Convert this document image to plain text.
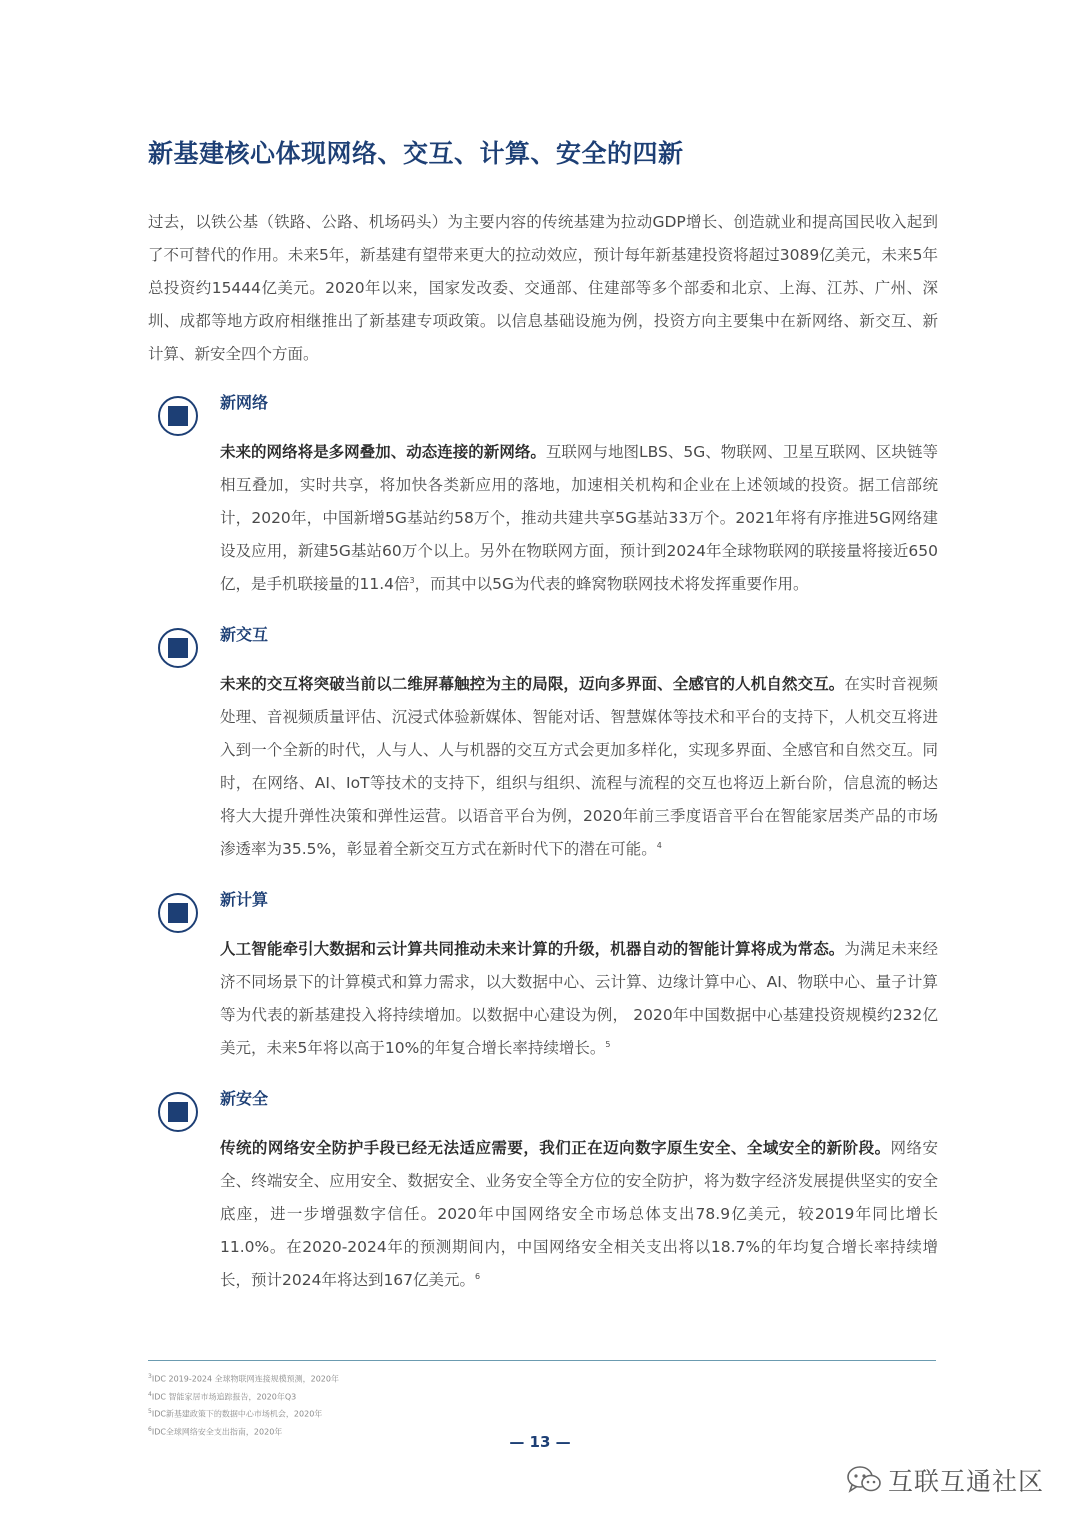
新基建核心体现网络、交互、计算、安全的四新

过去，以铁公基（铁路、公路、机场码头）为主要内容的传统基建为拉动GDP增长、创造就业和提高国民收入起到了不可替代的作用。未来5年，新基建有望带来更大的拉动效应，预计每年新基建投资将超过3089亿美元，未来5年总投资约15444亿美元。2020年以来，国家发改委、交通部、住建部等多个部委和北京、上海、江苏、广州、深圳、成都等地方政府相继推出了新基建专项政策。以信息基础设施为例，投资方向主要集中在新网络、新交互、新计算、新安全四个方面。

新网络

未来的网络将是多网叠加、动态连接的新网络。互联网与地图LBS、5G、物联网、卫星互联网、区块链等相互叠加，实时共享，将加快各类新应用的落地，加速相关机构和企业在上述领域的投资。据工信部统计，2020年，中国新增5G基站约58万个，推动共建共享5G基站33万个。2021年将有序推进5G网络建设及应用，新建5G基站60万个以上。另外在物联网方面，预计到2024年全球物联网的联接量将接近650亿，是手机联接量的11.4倍$^3$，而其中以5G为代表的蜂窝物联网技术将发挥重要作用。

新交互

未来的交互将突破当前以二维屏幕触控为主的局限，迈向多界面、全感官的人机自然交互。在实时音视频处理、音视频质量评估、沉浸式体验新媒体、智能对话、智慧媒体等技术和平台的支持下，人机交互将进入到一个全新的时代，人与人、人与机器的交互方式会更加多样化，实现多界面、全感官和自然交互。同时，在网络、AI、IoT等技术的支持下，组织与组织、流程与流程的交互也将迈上新台阶，信息流的畅达将大大提升弹性决策和弹性运营。以语音平台为例，2020年前三季度语音平台在智能家居类产品的市场渗透率为35.5%，彰显着全新交互方式在新时代下的潜在可能。$^4$

新计算

人工智能牵引大数据和云计算共同推动未来计算的升级，机器自动的智能计算将成为常态。为满足未来经济不同场景下的计算模式和算力需求，以大数据中心、云计算、边缘计算中心、AI、物联中心、量子计算等为代表的新基建投入将持续增加。以数据中心建设为例， 2020年中国数据中心基建投资规模约232亿美元，未来5年将以高于10%的年复合增长率持续增长。$^5$

新安全

传统的网络安全防护手段已经无法适应需要，我们正在迈向数字原生安全、全域安全的新阶段。网络安全、终端安全、应用安全、数据安全、业务安全等全方位的安全防护，将为数字经济发展提供坚实的安全底座，进一步增强数字信任。2020年中国网络安全市场总体支出78.9亿美元，较2019年同比增长11.0%。在2020-2024年的预测期间内，中国网络安全相关支出将以18.7%的年均复合增长率持续增长，预计2024年将达到167亿美元。$^6$

$^3$IDC 2019-2024 全球物联网连接规模预测，2020年
$^4$IDC 智能家居市场追踪报告，2020年Q3
$^5$IDC新基建政策下的数据中心市场机会，2020年
$^6$IDC全球网络安全支出指南，2020年
— 13 —
互联互通社区
